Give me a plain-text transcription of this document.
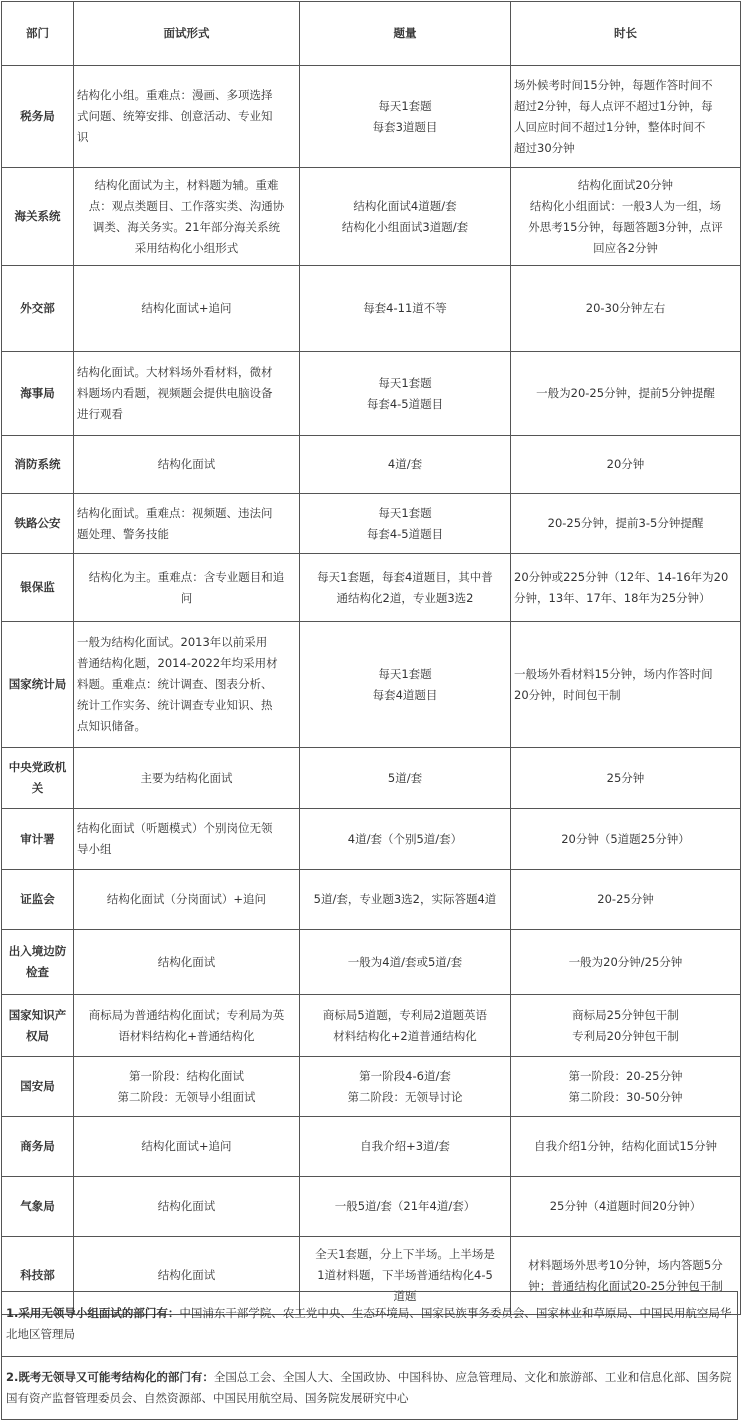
部门	面试形式	题量	时长
税务局	结构化小组。重难点：漫画、多项选择
式问题、统筹安排、创意活动、专业知
识	每天1套题
每套3道题目	场外候考时间15分钟，每题作答时间不
超过2分钟，每人点评不超过1分钟，每
人回应时间不超过1分钟，整体时间不
超过30分钟

海关系统	结构化面试为主，材料题为辅。重难
点：观点类题目、工作落实类、沟通协
调类、海关务实。21年部分海关系统
采用结构化小组形式	结构化面试4道题/套
结构化小组面试3道题/套	结构化面试20分钟
结构化小组面试：一般3人为一组，场
外思考15分钟，每题答题3分钟，点评
回应各2分钟

外交部	结构化面试+追问	每套4-11道不等	20-30分钟左右

海事局	结构化面试。大材料场外看材料，微材
料题场内看题，视频题会提供电脑设备
进行观看	每天1套题
每套4-5道题目	一般为20-25分钟，提前5分钟提醒

消防系统	结构化面试	4道/套	20分钟

铁路公安	结构化面试。重难点：视频题、违法问
题处理、警务技能	每天1套题
每套4-5道题目	20-25分钟，提前3-5分钟提醒

银保监	结构化为主。重难点：含专业题目和追
问	每天1套题，每套4道题目，其中普
通结构化2道，专业题3选2	20分钟或225分钟（12年、14-16年为20
分钟，13年、17年、18年为25分钟）

国家统计局	一般为结构化面试。2013年以前采用
普通结构化题，2014-2022年均采用材
料题。重难点：统计调查、图表分析、
统计工作实务、统计调查专业知识、热
点知识储备。	每天1套题
每套4道题目	一般场外看材料15分钟，场内作答时间
20分钟，时间包干制

中央党政机关	主要为结构化面试	5道/套	25分钟

审计署	结构化面试（听题模式）个别岗位无领
导小组	4道/套（个别5道/套）	20分钟（5道题25分钟）

证监会	结构化面试（分岗面试）+追问	5道/套，专业题3选2，实际答题4道	20-25分钟

出入境边防检查	结构化面试	一般为4道/套或5道/套	一般为20分钟/25分钟

国家知识产权局	商标局为普通结构化面试；专利局为英
语材料结构化+普通结构化	商标局5道题，专利局2道题英语
材料结构化+2道普通结构化	商标局25分钟包干制
专利局20分钟包干制

国安局	第一阶段：结构化面试
第二阶段：无领导小组面试	第一阶段4-6道/套
第二阶段：无领导讨论	第一阶段：20-25分钟
第二阶段：30-50分钟

商务局	结构化面试+追问	自我介绍+3道/套	自我介绍1分钟，结构化面试15分钟

气象局	结构化面试	一般5道/套（21年4道/套）	25分钟（4道题时间20分钟）

科技部	结构化面试	全天1套题，分上下半场。上半场是
1道材料题，下半场普通结构化4-5
道题	材料题场外思考10分钟，场内答题5分
钟；普通结构化面试20-25分钟包干制
1.采用无领导小组面试的部门有：中国浦东干部学院、农工党中央、生态环境局、国家民族事务委员会、国家林业和草原局、中国民用航空局华北地区管理局
2.既考无领导又可能考结构化的部门有：全国总工会、全国人大、全国政协、中国科协、应急管理局、文化和旅游部、工业和信息化部、国务院国有资产监督管理委员会、自然资源部、中国民用航空局、国务院发展研究中心
